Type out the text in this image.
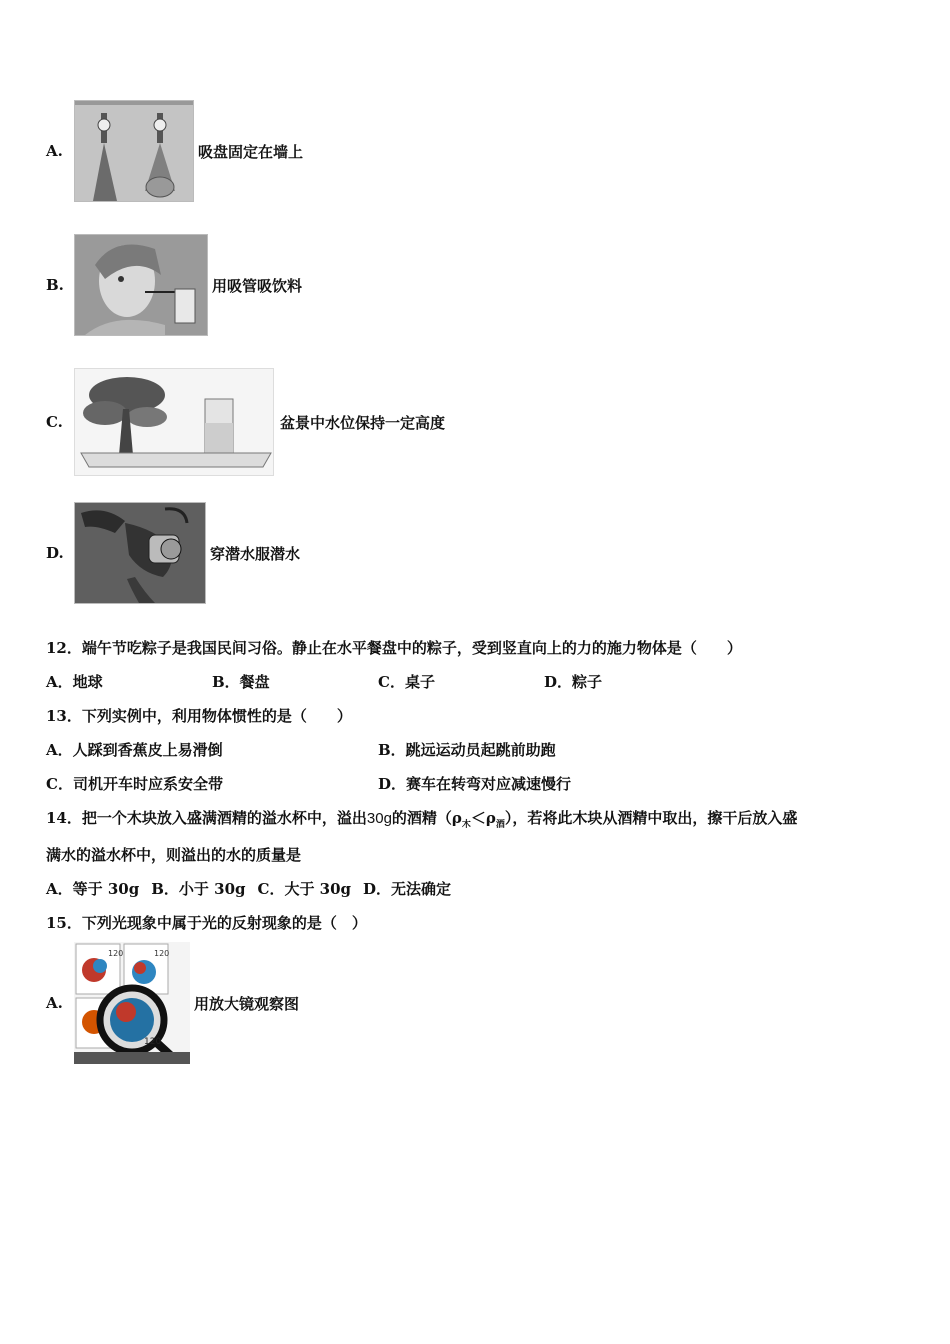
A.	吸盘固定在墙上
B.	用吸管吸饮料
C.	盆景中水位保持一定高度
D.	穿潜水服潜水
12．端午节吃粽子是我国民间习俗。静止在水平餐盘中的粽子，受到竖直向上的力的施力物体是（　　）
A．地球	B．餐盘	C．桌子	D．粽子
13．下列实例中，利用物体惯性的是（　　）
A．人踩到香蕉皮上易滑倒	B．跳远运动员起跳前助跑
C．司机开车时应系安全带	D．赛车在转弯对应减速慢行
14．把一个木块放入盛满酒精的溢水杯中，溢出30g的酒精$(\rho_木<\rho_酒)$，若将此木块从酒精中取出，擦干后放入盛
满水的溢水杯中，则溢出的水的质量是
A．等于 30g B．小于 30g C．大于 30g D．无法确定
15．下列光现象中属于光的反射现象的是（　）
A.
120	120
120
用放大镜观察图
